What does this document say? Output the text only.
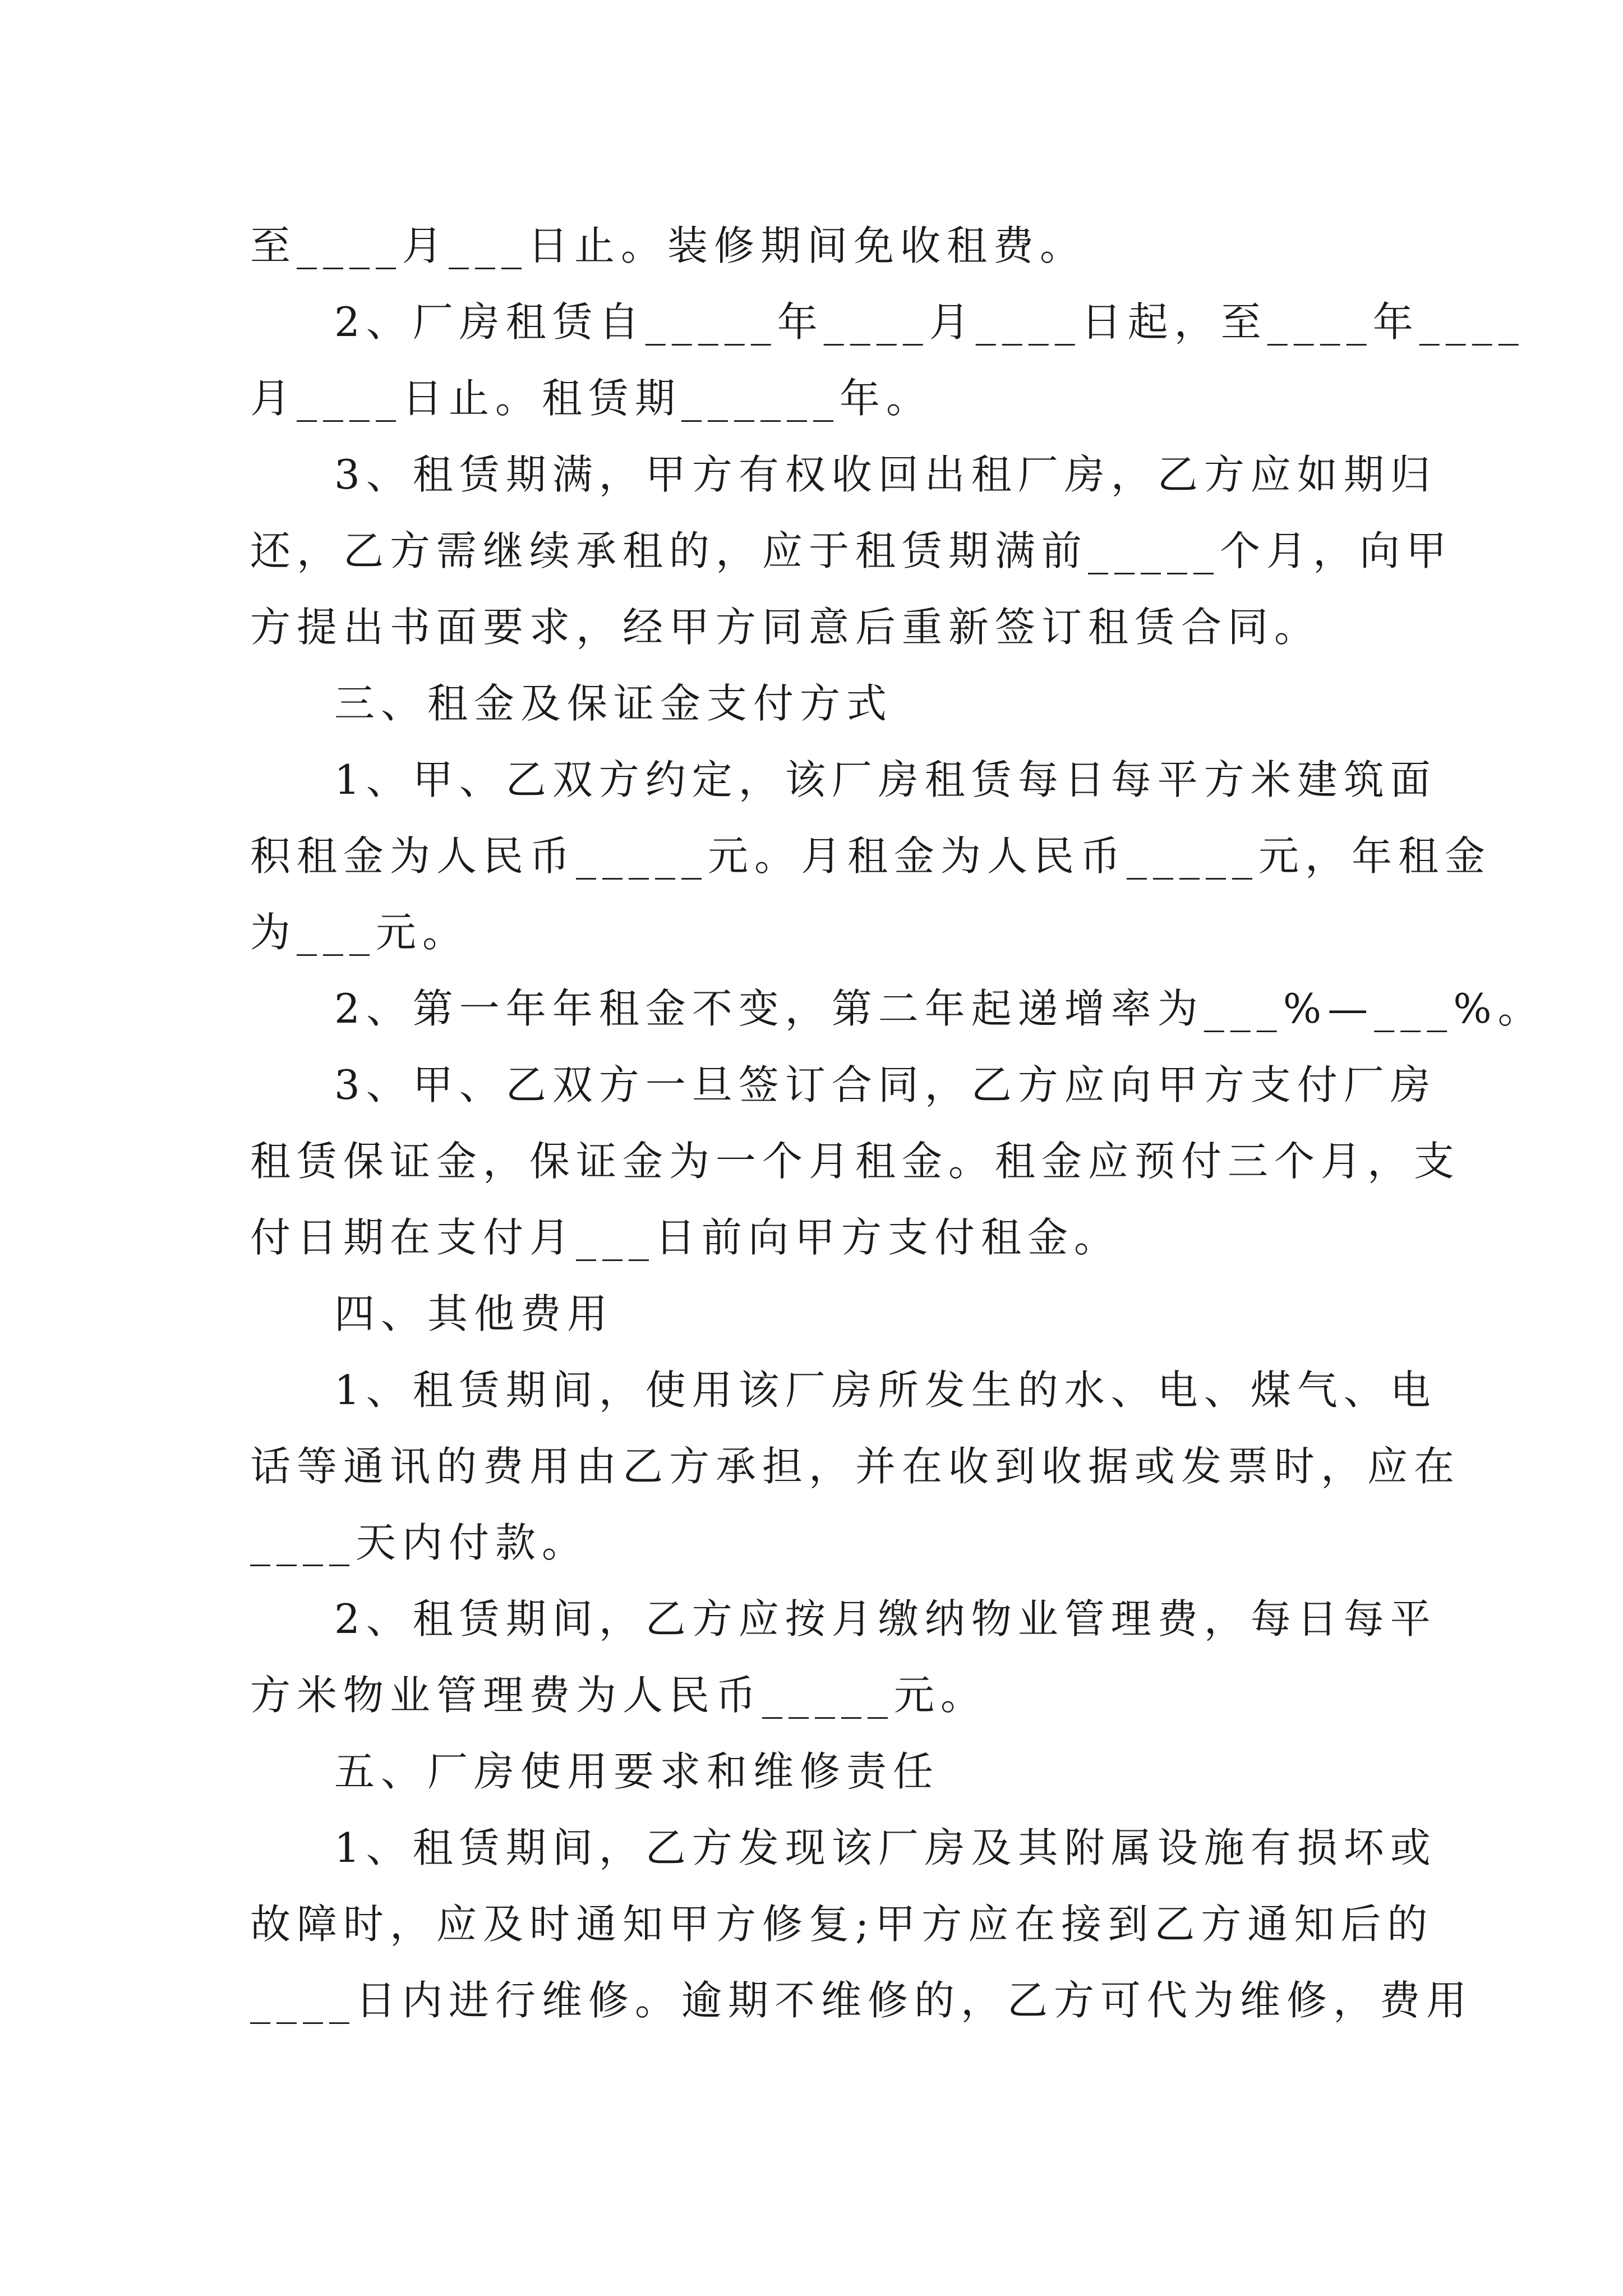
至____月___日止。装修期间免收租费。
2、厂房租赁自_____年____月____日起，至____年____
月____日止。租赁期______年。
3、租赁期满，甲方有权收回出租厂房，乙方应如期归
还，乙方需继续承租的，应于租赁期满前_____个月，向甲
方提出书面要求，经甲方同意后重新签订租赁合同。
三、租金及保证金支付方式
1、甲、乙双方约定，该厂房租赁每日每平方米建筑面
积租金为人民币_____元。月租金为人民币_____元，年租金
为___元。
2、第一年年租金不变，第二年起递增率为___%—___%。
3、甲、乙双方一旦签订合同，乙方应向甲方支付厂房
租赁保证金，保证金为一个月租金。租金应预付三个月，支
付日期在支付月___日前向甲方支付租金。
四、其他费用
1、租赁期间，使用该厂房所发生的水、电、煤气、电
话等通讯的费用由乙方承担，并在收到收据或发票时，应在
____天内付款。
2、租赁期间，乙方应按月缴纳物业管理费，每日每平
方米物业管理费为人民币_____元。
五、厂房使用要求和维修责任
1、租赁期间，乙方发现该厂房及其附属设施有损坏或
故障时，应及时通知甲方修复;甲方应在接到乙方通知后的
____日内进行维修。逾期不维修的，乙方可代为维修，费用
